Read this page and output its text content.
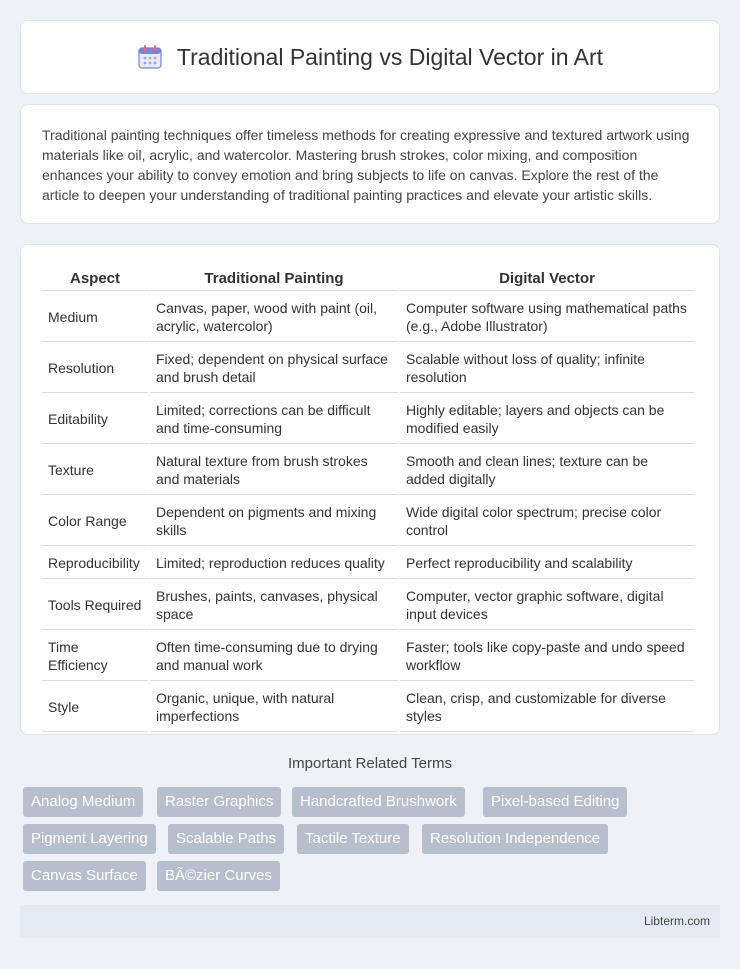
Traditional Painting vs Digital Vector in Art

Traditional painting techniques offer timeless methods for creating expressive and textured artwork using materials like oil, acrylic, and watercolor. Mastering brush strokes, color mixing, and composition enhances your ability to convey emotion and bring subjects to life on canvas. Explore the rest of the article to deepen your understanding of traditional painting practices and elevate your artistic skills.

Aspect	Traditional Painting	Digital Vector
Medium	Canvas, paper, wood with paint (oil, acrylic, watercolor)	Computer software using mathematical paths (e.g., Adobe Illustrator)
Resolution	Fixed; dependent on physical surface and brush detail	Scalable without loss of quality; infinite resolution
Editability	Limited; corrections can be difficult and time-consuming	Highly editable; layers and objects can be modified easily
Texture	Natural texture from brush strokes and materials	Smooth and clean lines; texture can be added digitally
Color Range	Dependent on pigments and mixing skills	Wide digital color spectrum; precise color control
Reproducibility	Limited; reproduction reduces quality	Perfect reproducibility and scalability
Tools Required	Brushes, paints, canvases, physical space	Computer, vector graphic software, digital input devices
Time Efficiency	Often time-consuming due to drying and manual work	Faster; tools like copy-paste and undo speed workflow
Style	Organic, unique, with natural imperfections	Clean, crisp, and customizable for diverse styles
Important Related Terms
Analog Medium	Raster Graphics	Handcrafted Brushwork	Pixel-based Editing
Pigment Layering	Scalable Paths	Tactile Texture	Resolution Independence
Canvas Surface	BÃ©zier Curves
Libterm.com
